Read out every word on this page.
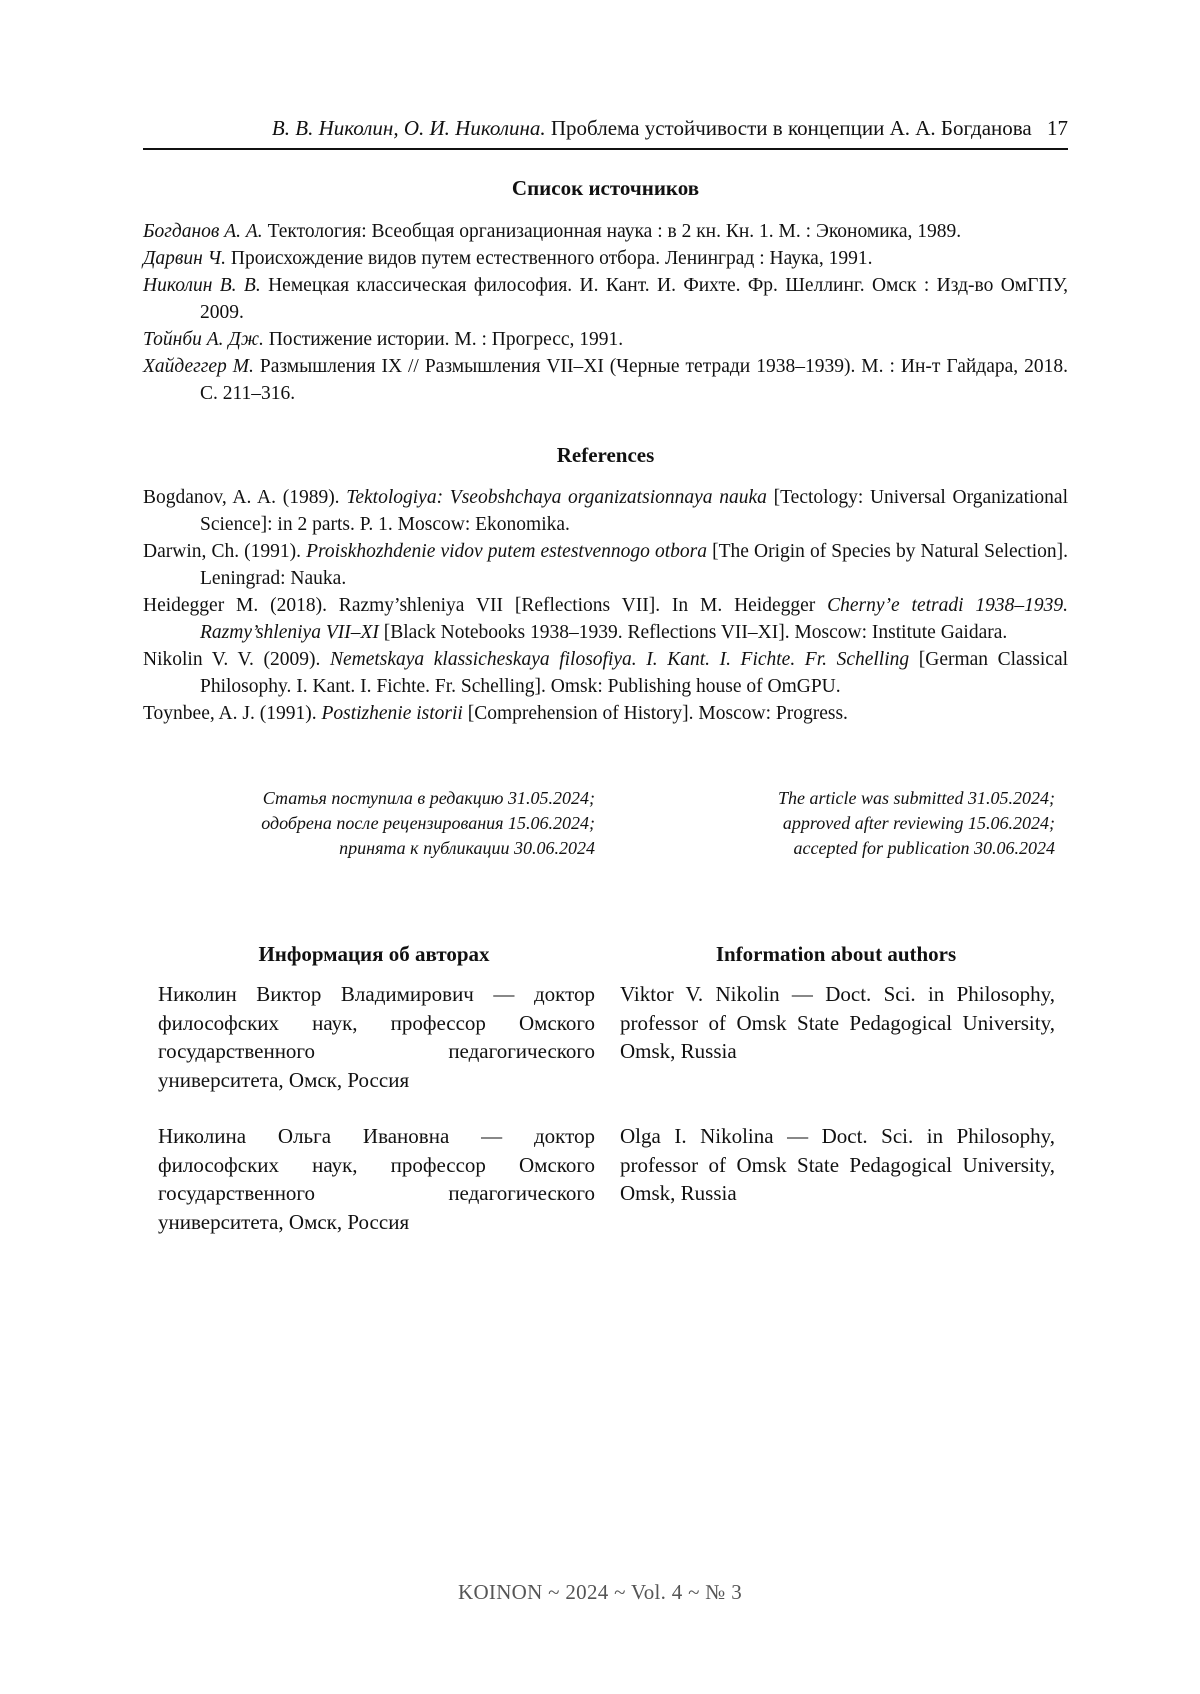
В. В. Николин, О. И. Николина. Проблема устойчивости в концепции А. А. Богданова 17
Список источников
Богданов А. А. Тектология: Всеобщая организационная наука : в 2 кн. Кн. 1. М. : Экономика, 1989.
Дарвин Ч. Происхождение видов путем естественного отбора. Ленинград : Наука, 1991.
Николин В. В. Немецкая классическая философия. И. Кант. И. Фихте. Фр. Шеллинг. Омск : Изд-во ОмГПУ, 2009.
Тойнби А. Дж. Постижение истории. М. : Прогресс, 1991.
Хайдеггер М. Размышления IX // Размышления VII–XI (Черные тетради 1938–1939). М. : Ин-т Гайдара, 2018. С. 211–316.
References
Bogdanov, A. A. (1989). Tektologiya: Vseobshchaya organizatsionnaya nauka [Tectology: Universal Organizational Science]: in 2 parts. P. 1. Moscow: Ekonomika.
Darwin, Ch. (1991). Proiskhozhdenie vidov putem estestvennogo otbora [The Origin of Species by Natural Selection]. Leningrad: Nauka.
Heidegger M. (2018). Razmy’shleniya VII [Reflections VII]. In M. Heidegger Cherny’e tetradi 1938–1939. Razmy’shleniya VII–XI [Black Notebooks 1938–1939. Reflections VII–XI]. Moscow: Institute Gaidara.
Nikolin V. V. (2009). Nemetskaya klassicheskaya filosofiya. I. Kant. I. Fichte. Fr. Schelling [German Classical Philosophy. I. Kant. I. Fichte. Fr. Schelling]. Omsk: Publishing house of OmGPU.
Toynbee, A. J. (1991). Postizhenie istorii [Comprehension of History]. Moscow: Progress.
Статья поступила в редакцию 31.05.2024;
одобрена после рецензирования 15.06.2024;
принята к публикации 30.06.2024
The article was submitted 31.05.2024;
approved after reviewing 15.06.2024;
accepted for publication 30.06.2024
Информация об авторах	Information about authors
Николин Виктор Владимирович — доктор философских наук, профессор Омского государственного педагогического университета, Омск, Россия
Николина Ольга Ивановна — доктор философских наук, профессор Омского государственного педагогического университета, Омск, Россия
Viktor V. Nikolin — Doct. Sci. in Philosophy, professor of Omsk State Pedagogical University, Omsk, Russia
Olga I. Nikolina — Doct. Sci. in Philosophy, professor of Omsk State Pedagogical University, Omsk, Russia
KOINON ~ 2024 ~ Vol. 4 ~ № 3
